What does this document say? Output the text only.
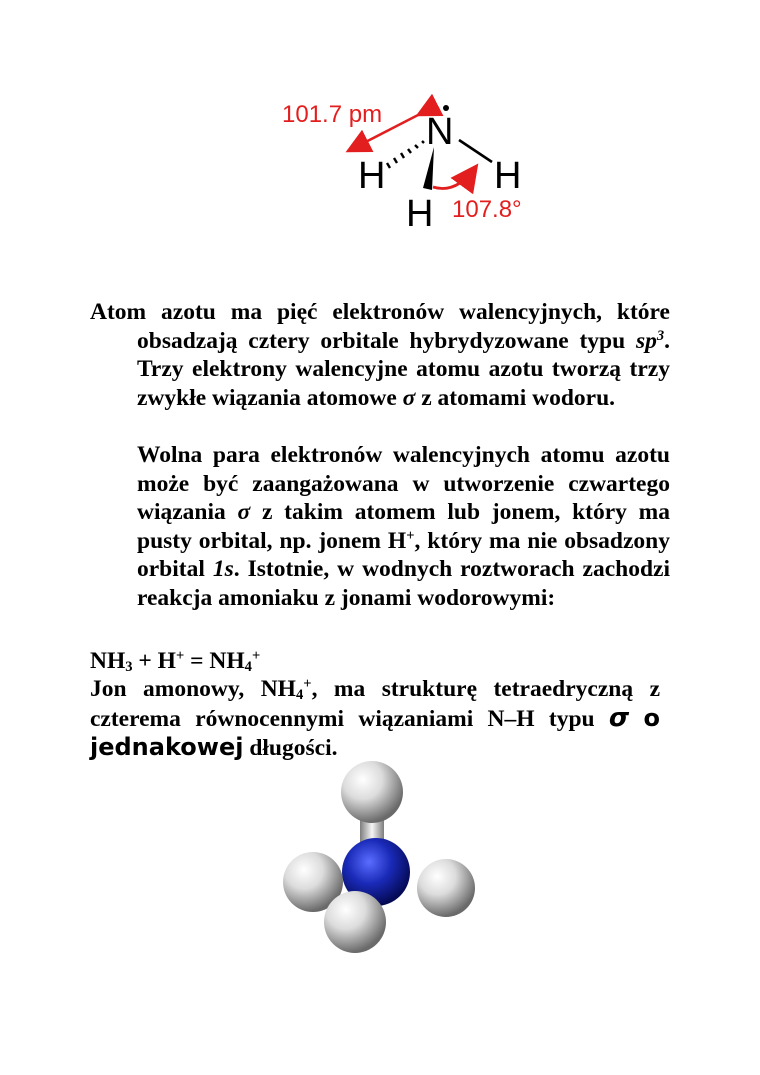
N
H	H
H
101.7 pm
107.8°

Atom azotu ma pięć elektronów walencyjnych, które obsadzają cztery orbitale hybrydyzowane typu $sp^3$. Trzy elektrony walencyjne atomu azotu tworzą trzy zwykłe wiązania atomowe σ z atomami wodoru.

Wolna para elektronów walencyjnych atomu azotu może być zaangażowana w utworzenie czwartego wiązania σ z takim atomem lub jonem, który ma pusty orbital, np. jonem H+, który ma nie obsadzony orbital 1s. Istotnie, w wodnych roztworach zachodzi reakcja amoniaku z jonami wodorowymi:

$NH_3 + H^+ = NH_4^+$

Jon amonowy, $NH_4^+$, ma strukturę tetraedryczną z czterema równocennymi wiązaniami N–H typu σ o jednakowej długości.
